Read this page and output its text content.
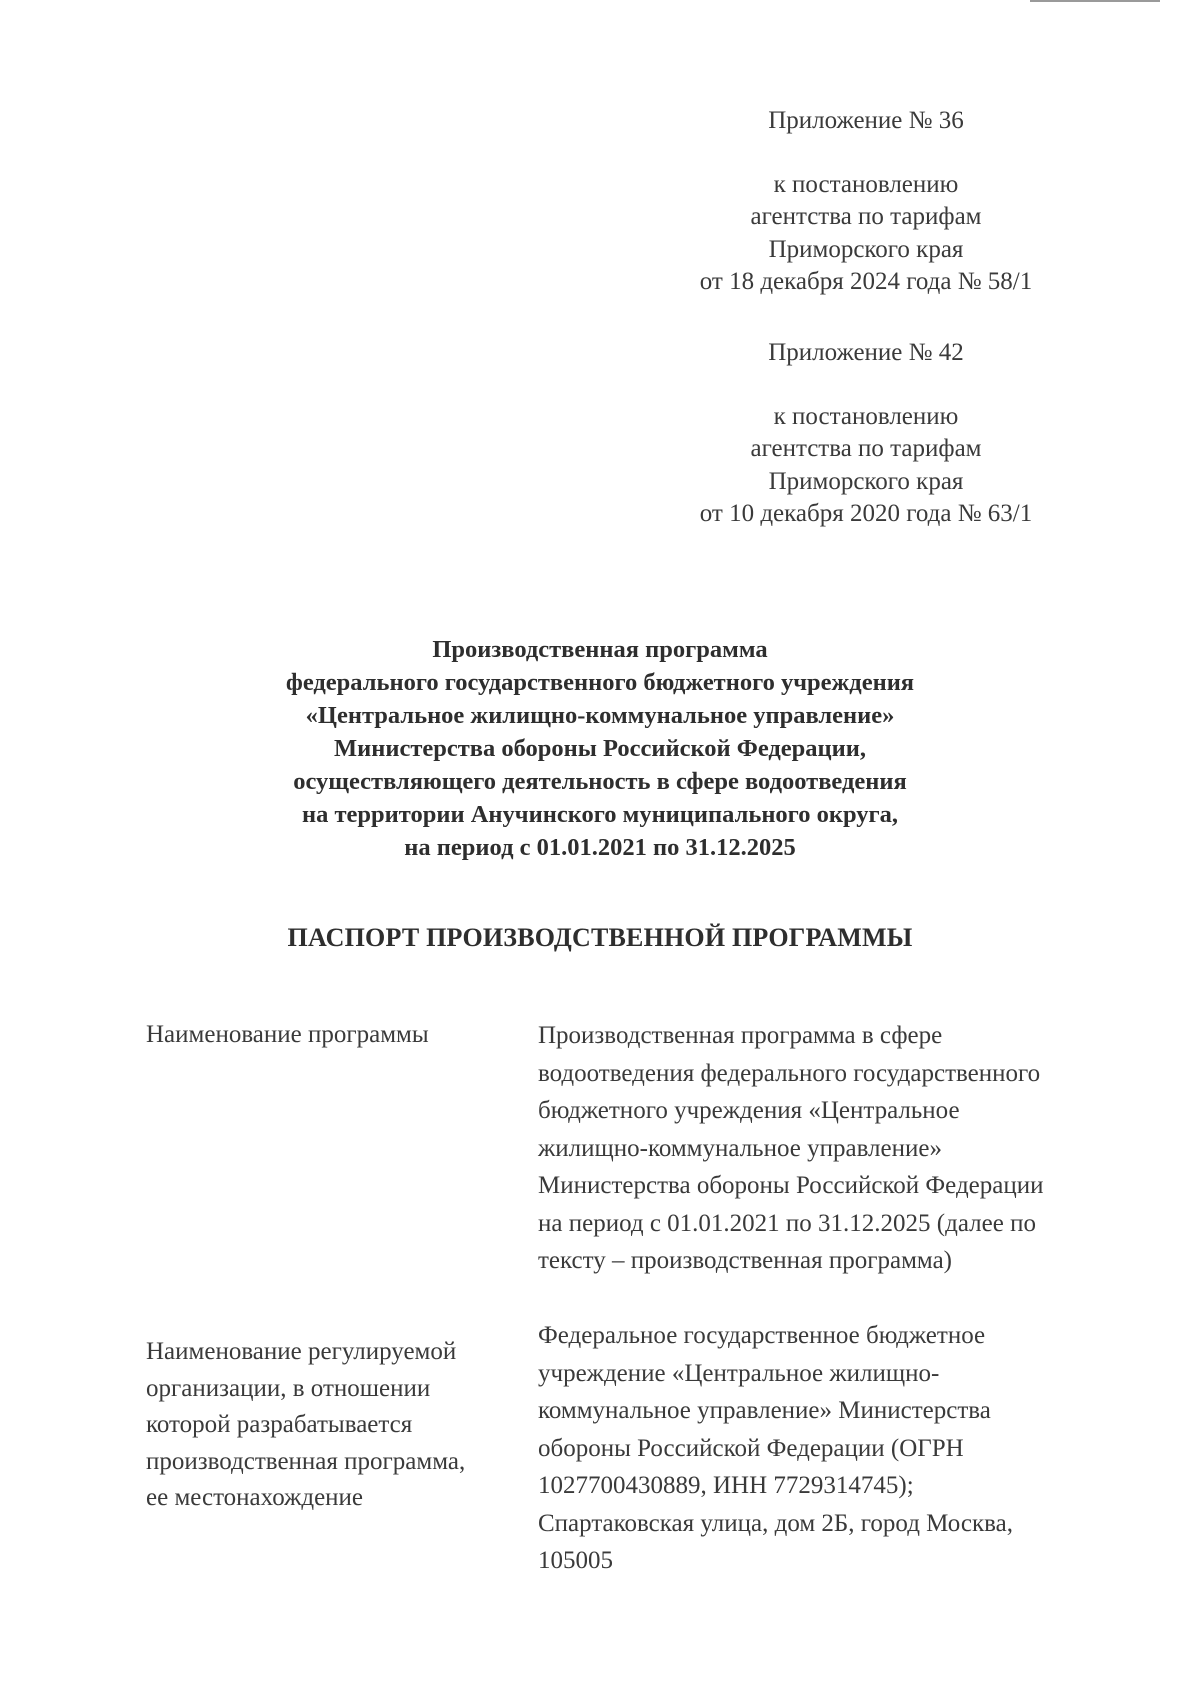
Приложение № 36
к постановлению
агентства по тарифам
Приморского края
от 18 декабря 2024 года № 58/1
Приложение № 42
к постановлению
агентства по тарифам
Приморского края
от 10 декабря 2020 года № 63/1
Производственная программа
федерального государственного бюджетного учреждения
«Центральное жилищно-коммунальное управление»
Министерства обороны Российской Федерации,
осуществляющего деятельность в сфере водоотведения
на территории Анучинского муниципального округа,
на период с 01.01.2021 по 31.12.2025
ПАСПОРТ ПРОИЗВОДСТВЕННОЙ ПРОГРАММЫ
Наименование программы	Производственная программа в сфере
водоотведения федерального государственного
бюджетного учреждения «Центральное
жилищно-коммунальное управление»
Министерства обороны Российской Федерации
на период с 01.01.2021 по 31.12.2025 (далее по
тексту – производственная программа)
Наименование регулируемой
организации, в отношении
которой разрабатывается
производственная программа,
ее местонахождение
Федеральное государственное бюджетное
учреждение «Центральное жилищно-
коммунальное управление» Министерства
обороны Российской Федерации (ОГРН
1027700430889, ИНН 7729314745);
Спартаковская улица, дом 2Б, город Москва,
105005
